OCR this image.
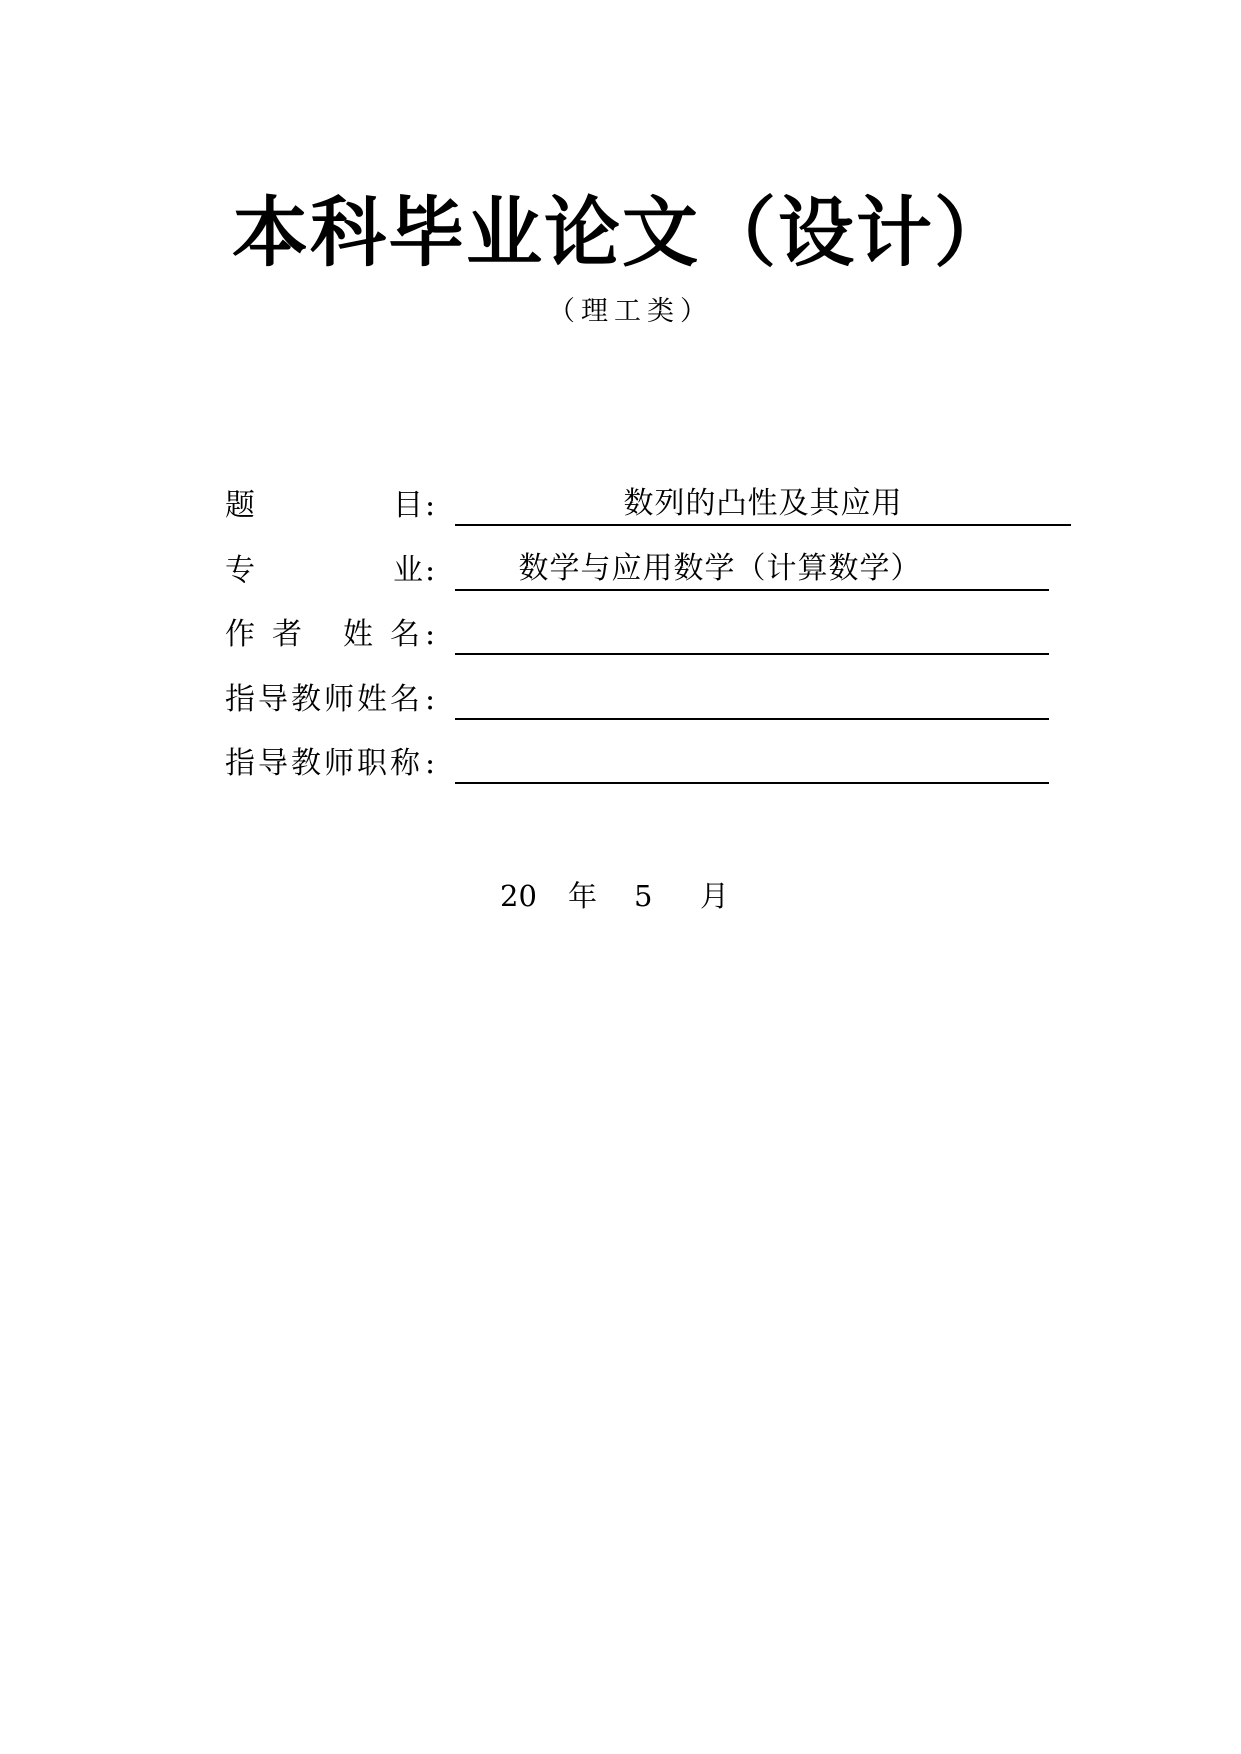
本科毕业论文（设计）
（理工类）
题	目 :	数列的凸性及其应用
专	业 :	数学与应用数学（计算数学）
作 者 姓 名 :
指 导 教 师 姓 名 :
指 导 教 师 职 称 :
20 年 5 月
